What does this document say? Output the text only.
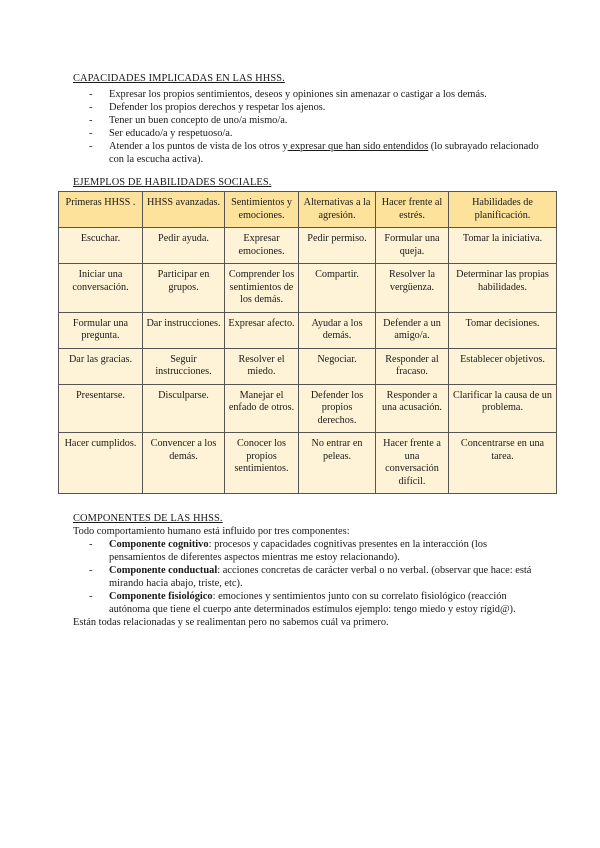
CAPACIDADES IMPLICADAS EN LAS HHSS.
- Expresar los propios sentimientos, deseos y opiniones sin amenazar o castigar a los demás.
- Defender los propios derechos y respetar los ajenos.
- Tener un buen concepto de uno/a mismo/a.
- Ser educado/a y respetuoso/a.
- Atender a los puntos de vista de los otros y expresar que han sido entendidos (lo subrayado relacionado con la escucha activa).
EJEMPLOS DE HABILIDADES SOCIALES.
Primeras HHSS .	HHSS avanzadas.	Sentimientos y emociones.	Alternativas a la agresión.	Hacer frente al estrés.	Habilidades de planificación.
Escuchar.	Pedir ayuda.	Expresar emociones.	Pedir permiso.	Formular una queja.	Tomar la iniciativa.
Iniciar una conversación.	Participar en grupos.	Comprender los sentimientos de los demás.	Compartir.	Resolver la vergüenza.	Determinar las propias habilidades.
Formular una pregunta.	Dar instrucciones.	Expresar afecto.	Ayudar a los demás.	Defender a un amigo/a.	Tomar decisiones.
Dar las gracias.	Seguir instrucciones.	Resolver el miedo.	Negociar.	Responder al fracaso.	Establecer objetivos.
Presentarse.	Disculparse.	Manejar el enfado de otros.	Defender los propios derechos.	Responder a una acusación.	Clarificar la causa de un problema.
Hacer cumplidos.	Convencer a los demás.	Conocer los propios sentimientos.	No entrar en peleas.	Hacer frente a una conversación difícil.	Concentrarse en una tarea.
COMPONENTES DE LAS HHSS.

Todo comportamiento humano está influido por tres componentes:

- Componente cognitivo: procesos y capacidades cognitivas presentes en la interacción (los pensamientos de diferentes aspectos mientras me estoy relacionando).
- Componente conductual: acciones concretas de carácter verbal o no verbal. (observar que hace: está mirando hacia abajo, triste, etc).
- Componente fisiológico: emociones y sentimientos junto con su correlato fisiológico (reacción autónoma que tiene el cuerpo ante determinados estímulos ejemplo: tengo miedo y estoy rígid@).

Están todas relacionadas y se realimentan pero no sabemos cuál va primero.
